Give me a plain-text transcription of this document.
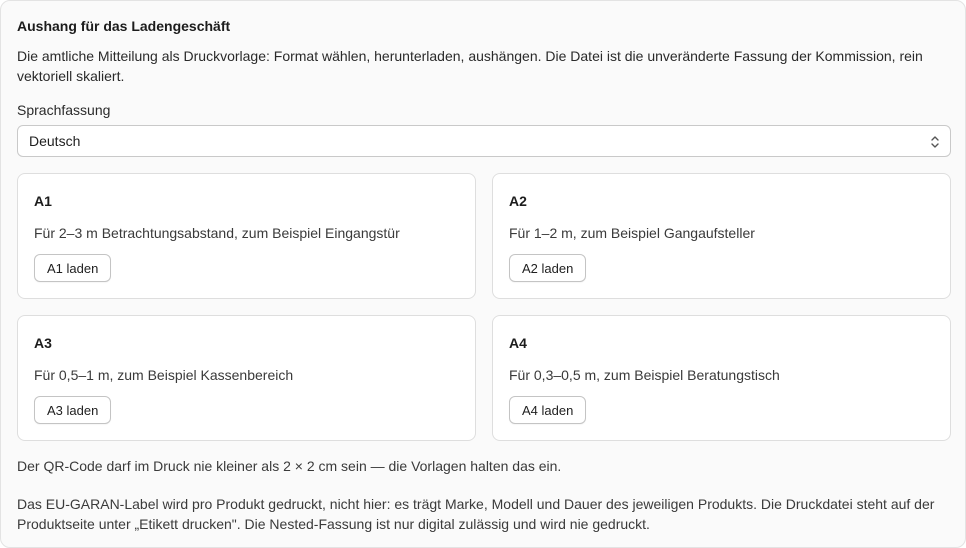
Aushang für das Ladengeschäft
Die amtliche Mitteilung als Druckvorlage: Format wählen, herunterladen, aushängen. Die Datei ist die unveränderte Fassung der Kommission, rein vektoriell skaliert.
Sprachfassung
Deutsch
A1
Für 2–3 m Betrachtungsabstand, zum Beispiel Eingangstür
A1 laden
A2
Für 1–2 m, zum Beispiel Gangaufsteller
A2 laden
A3
Für 0,5–1 m, zum Beispiel Kassenbereich
A3 laden
A4
Für 0,3–0,5 m, zum Beispiel Beratungstisch
A4 laden
Der QR-Code darf im Druck nie kleiner als 2 × 2 cm sein — die Vorlagen halten das ein.
Das EU-GARAN-Label wird pro Produkt gedruckt, nicht hier: es trägt Marke, Modell und Dauer des jeweiligen Produkts. Die Druckdatei steht auf der Produktseite unter „Etikett drucken". Die Nested-Fassung ist nur digital zulässig und wird nie gedruckt.
